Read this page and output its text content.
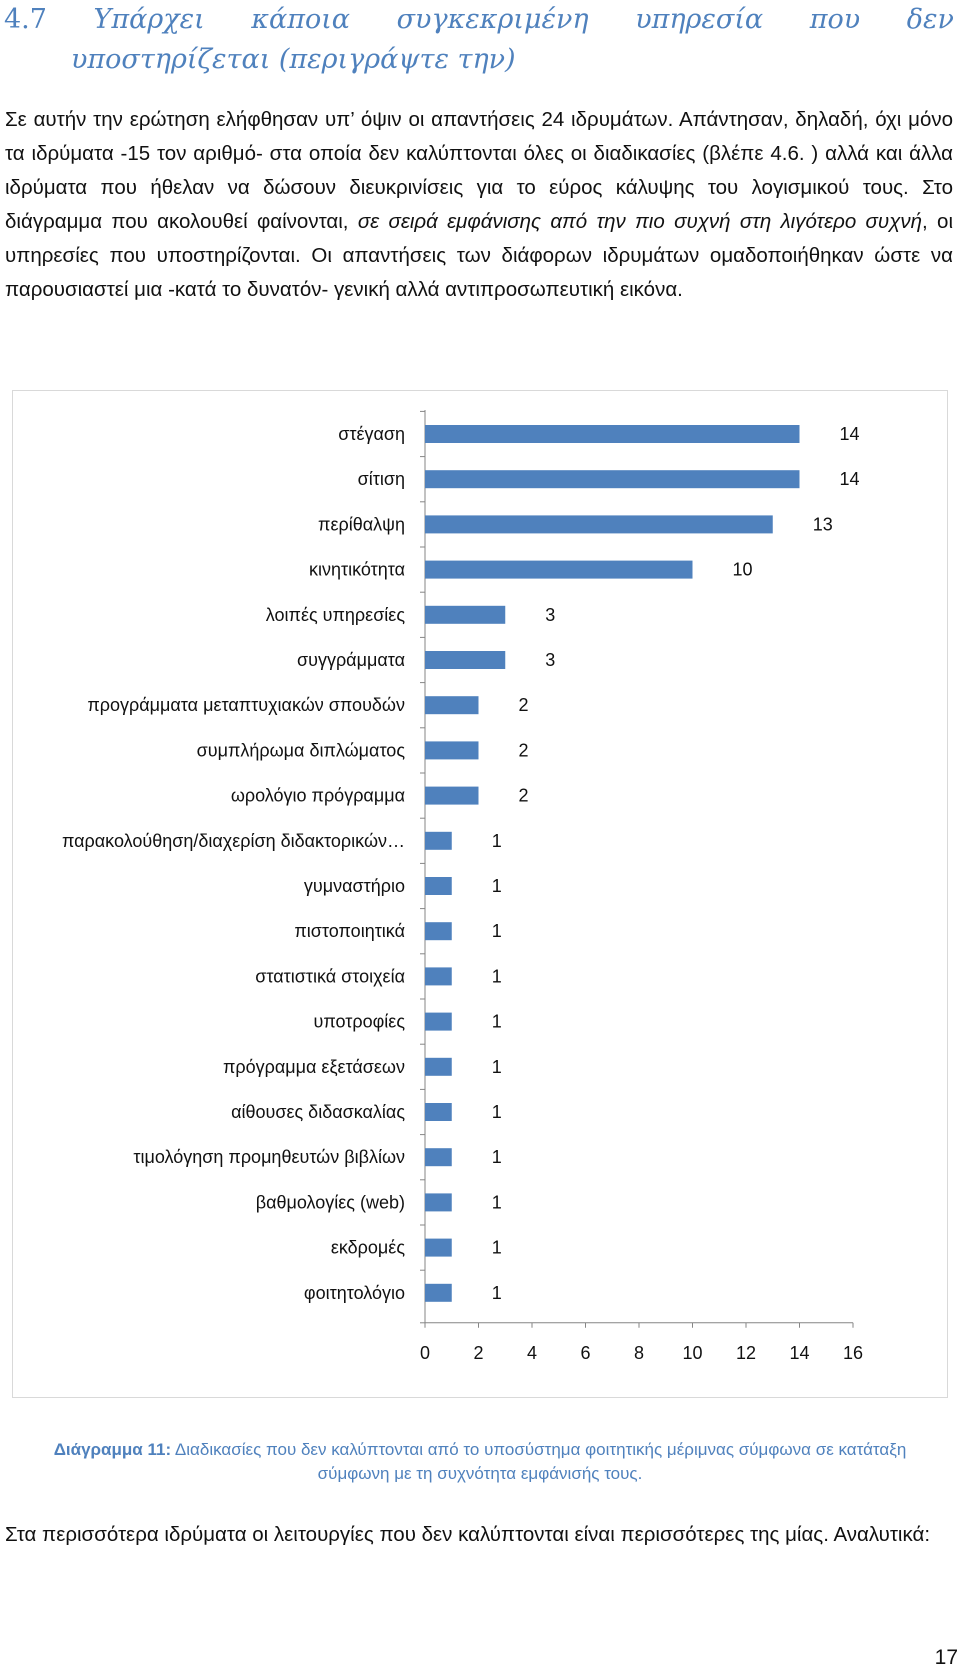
4.7 Υπάρχει κάποια συγκεκριμένη υπηρεσία που δεν
υποστηρίζεται (περιγράψτε την)

Σε αυτήν την ερώτηση ελήφθησαν υπ’ όψιν οι απαντήσεις 24 ιδρυμάτων. Απάντησαν, δηλαδή, όχι μόνο τα ιδρύματα -15 τον αριθμό- στα οποία δεν καλύπτονται όλες οι διαδικασίες (βλέπε 4.6. ) αλλά και άλλα ιδρύματα που ήθελαν να δώσουν διευκρινίσεις για το εύρος κάλυψης του λογισμικού τους. Στο διάγραμμα που ακολουθεί φαίνονται, σε σειρά εμφάνισης από την πιο συχνή στη λιγότερο συχνή, οι υπηρεσίες που υποστηρίζονται. Οι απαντήσεις των διάφορων ιδρυμάτων ομαδοποιήθηκαν ώστε να παρουσιαστεί μια -κατά το δυνατόν- γενική αλλά αντιπροσωπευτική εικόνα.

στέγαση	14
σίτιση	14
περίθαλψη	13
κινητικότητα	10
λοιπές υπηρεσίες	3
συγγράμματα	3
προγράμματα μεταπτυχιακών σπουδών	2
συμπλήρωμα διπλώματος	2
ωρολόγιο πρόγραμμα	2
παρακολούθηση/διαχερίση διδακτορικών…	1
γυμναστήριο	1
πιστοποιητικά	1
στατιστικά στοιχεία	1
υποτροφίες	1
πρόγραμμα εξετάσεων	1
αίθουσες διδασκαλίας	1
τιμολόγηση προμηθευτών βιβλίων	1
βαθμολογίες (web)	1
εκδρομές	1
φοιτητολόγιο	1
0 2 4 6 8 10 12 14 16

Διάγραμμα 11: Διαδικασίες που δεν καλύπτονται από το υποσύστημα φοιτητικής μέριμνας σύμφωνα σε κατάταξη σύμφωνη με τη συχνότητα εμφάνισής τους.

Στα περισσότερα ιδρύματα οι λειτουργίες που δεν καλύπτονται είναι περισσότερες της μίας. Αναλυτικά:

17
